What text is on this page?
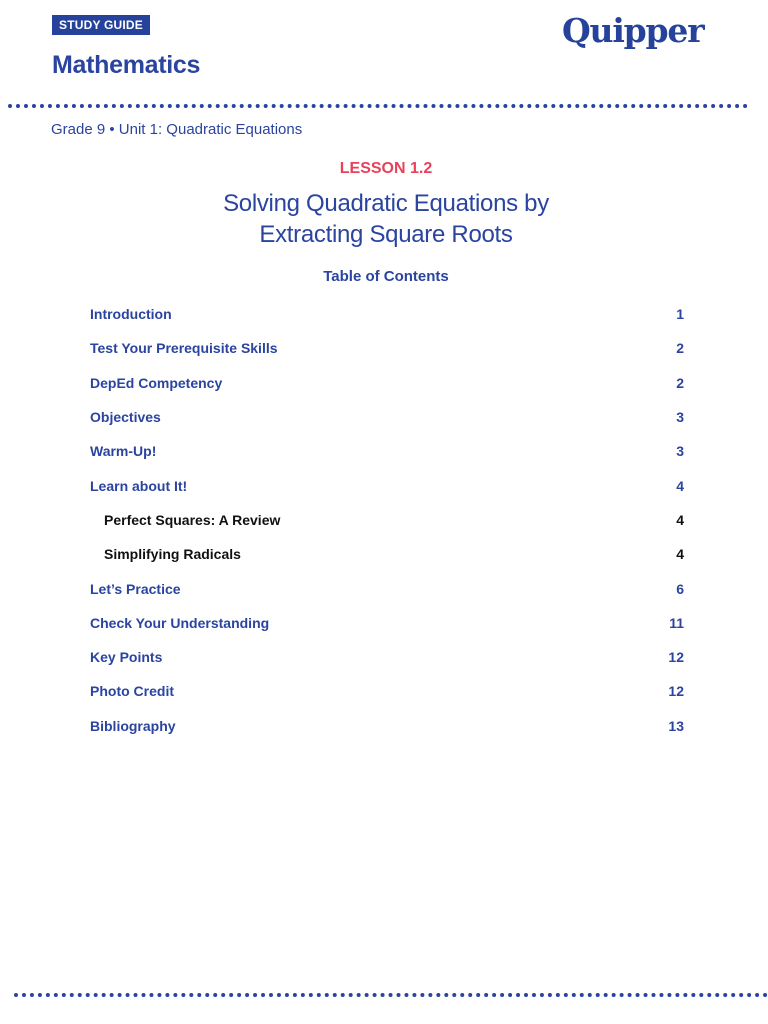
STUDY GUIDE
Mathematics
Quipper
Grade 9 • Unit 1: Quadratic Equations
LESSON 1.2
Solving Quadratic Equations by
Extracting Square Roots
Table of Contents
Introduction	1
Test Your Prerequisite Skills	2
DepEd Competency	2
Objectives	3
Warm-Up!	3
Learn about It!	4
Perfect Squares: A Review	4
Simplifying Radicals	4
Let’s Practice	6
Check Your Understanding	11
Key Points	12
Photo Credit	12
Bibliography	13
